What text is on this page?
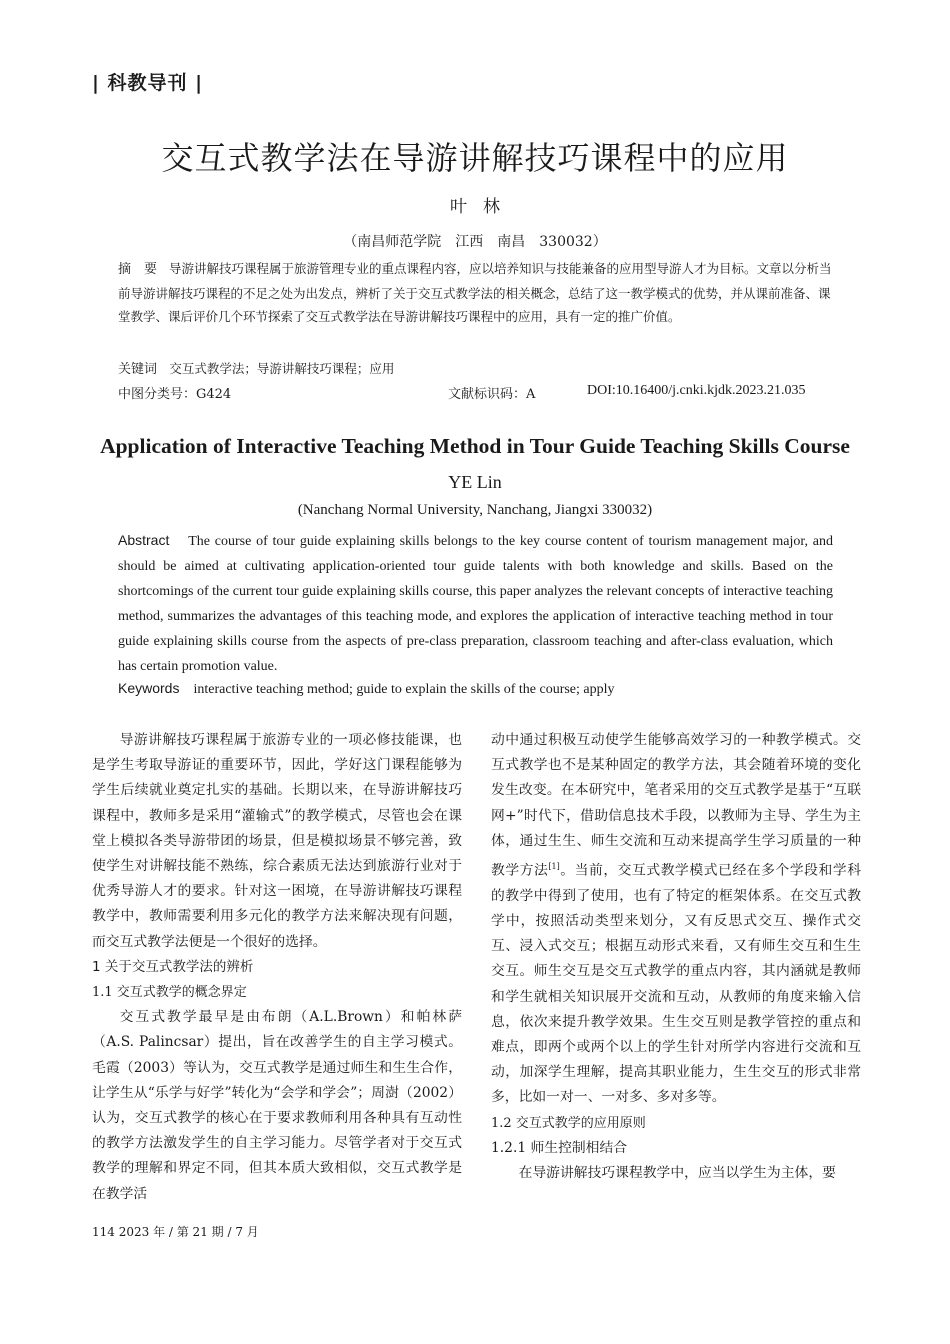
| 科教导刊 |
交互式教学法在导游讲解技巧课程中的应用
叶林
（南昌师范学院　江西　南昌　330032）
摘　要 导游讲解技巧课程属于旅游管理专业的重点课程内容，应以培养知识与技能兼备的应用型导游人才为目标。文章以分析当前导游讲解技巧课程的不足之处为出发点，辨析了关于交互式教学法的相关概念，总结了这一教学模式的优势，并从课前准备、课堂教学、课后评价几个环节探索了交互式教学法在导游讲解技巧课程中的应用，具有一定的推广价值。
关键词 交互式教学法；导游讲解技巧课程；应用
中图分类号：G424	文献标识码：A	DOI:10.16400/j.cnki.kjdk.2023.21.035
Application of Interactive Teaching Method in Tour Guide Teaching Skills Course
YE Lin
(Nanchang Normal University, Nanchang, Jiangxi 330032)
Abstract The course of tour guide explaining skills belongs to the key course content of tourism management major, and should be aimed at cultivating application-oriented tour guide talents with both knowledge and skills. Based on the shortcomings of the current tour guide explaining skills course, this paper analyzes the relevant concepts of interactive teaching method, summarizes the advantages of this teaching mode, and explores the application of interactive teaching method in tour guide explaining skills course from the aspects of pre-class preparation, classroom teaching and after-class evaluation, which has certain promotion value.
Keywords interactive teaching method; guide to explain the skills of the course; apply

导游讲解技巧课程属于旅游专业的一项必修技能课，也是学生考取导游证的重要环节，因此，学好这门课程能够为学生后续就业奠定扎实的基础。长期以来，在导游讲解技巧课程中，教师多是采用“灌输式”的教学模式，尽管也会在课堂上模拟各类导游带团的场景，但是模拟场景不够完善，致使学生对讲解技能不熟练，综合素质无法达到旅游行业对于优秀导游人才的要求。针对这一困境，在导游讲解技巧课程教学中，教师需要利用多元化的教学方法来解决现有问题，而交互式教学法便是一个很好的选择。

1 关于交互式教学法的辨析

1.1 交互式教学的概念界定

交互式教学最早是由布朗（A.L.Brown）和帕林萨（A.S. Palincsar）提出，旨在改善学生的自主学习模式。毛霞（2003）等认为，交互式教学是通过师生和生生合作，让学生从“乐学与好学”转化为“会学和学会”；周澍（2002）认为，交互式教学的核心在于要求教师利用各种具有互动性的教学方法激发学生的自主学习能力。尽管学者对于交互式教学的理解和界定不同，但其本质大致相似，交互式教学是在教学活

动中通过积极互动使学生能够高效学习的一种教学模式。交互式教学也不是某种固定的教学方法，其会随着环境的变化发生改变。在本研究中，笔者采用的交互式教学是基于“互联网+”时代下，借助信息技术手段，以教师为主导、学生为主体，通过生生、师生交流和互动来提高学生学习质量的一种教学方法[1]。当前，交互式教学模式已经在多个学段和学科的教学中得到了使用，也有了特定的框架体系。在交互式教学中，按照活动类型来划分，又有反思式交互、操作式交互、浸入式交互；根据互动形式来看，又有师生交互和生生交互。师生交互是交互式教学的重点内容，其内涵就是教师和学生就相关知识展开交流和互动，从教师的角度来输入信息，依次来提升教学效果。生生交互则是教学管控的重点和难点，即两个或两个以上的学生针对所学内容进行交流和互动，加深学生理解，提高其职业能力，生生交互的形式非常多，比如一对一、一对多、多对多等。

1.2 交互式教学的应用原则

1.2.1 师生控制相结合

在导游讲解技巧课程教学中，应当以学生为主体，要

114 2023 年 / 第 21 期 / 7 月
